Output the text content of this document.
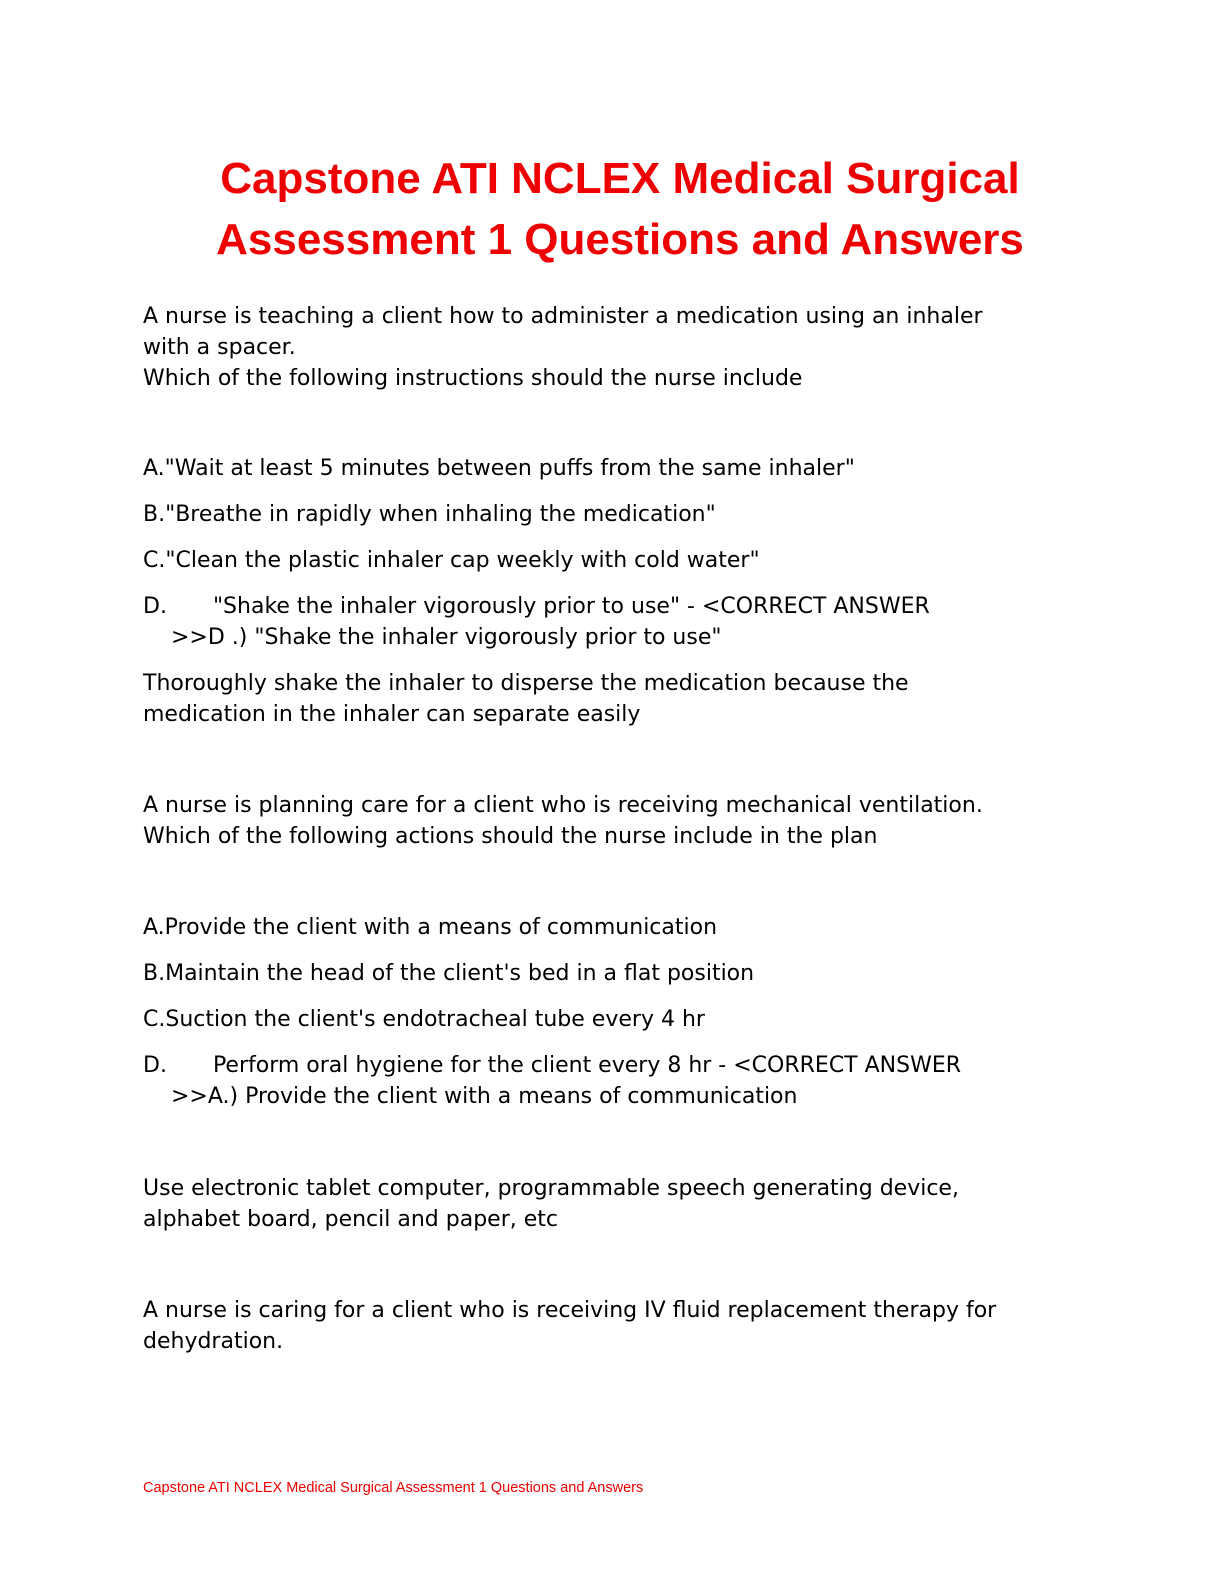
Capstone ATI NCLEX Medical Surgical
Assessment 1 Questions and Answers
A nurse is teaching a client how to administer a medication using an inhaler
with a spacer.
Which of the following instructions should the nurse include
A."Wait at least 5 minutes between puffs from the same inhaler"
B."Breathe in rapidly when inhaling the medication"
C."Clean the plastic inhaler cap weekly with cold water"
D. "Shake the inhaler vigorously prior to use" - <CORRECT ANSWER
>>D .) "Shake the inhaler vigorously prior to use"
Thoroughly shake the inhaler to disperse the medication because the
medication in the inhaler can separate easily
A nurse is planning care for a client who is receiving mechanical ventilation.
Which of the following actions should the nurse include in the plan
A.Provide the client with a means of communication
B.Maintain the head of the client's bed in a flat position
C.Suction the client's endotracheal tube every 4 hr
D. Perform oral hygiene for the client every 8 hr - <CORRECT ANSWER
>>A.) Provide the client with a means of communication
Use electronic tablet computer, programmable speech generating device,
alphabet board, pencil and paper, etc
A nurse is caring for a client who is receiving IV fluid replacement therapy for
dehydration.
Capstone ATI NCLEX Medical Surgical Assessment 1 Questions and Answers
